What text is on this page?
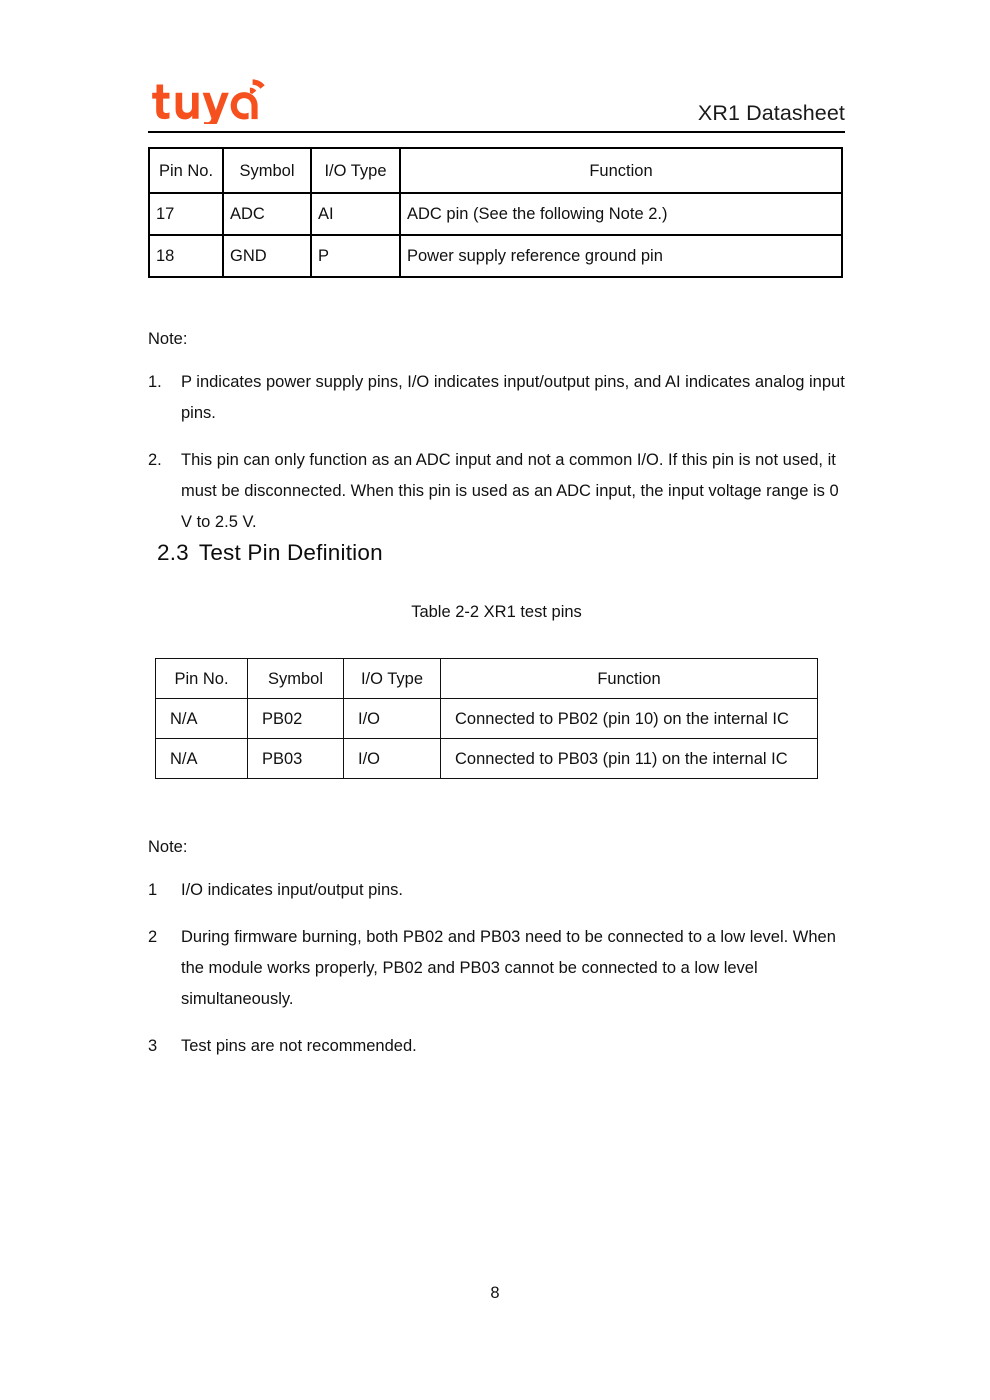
XR1 Datasheet
Pin No.	Symbol	I/O Type	Function
17	ADC	AI	ADC pin (See the following Note 2.)
18	GND	P	Power supply reference ground pin
Note:
1.	P indicates power supply pins, I/O indicates input/output pins, and AI indicates analog input pins.
2.	This pin can only function as an ADC input and not a common I/O. If this pin is not used, it must be disconnected. When this pin is used as an ADC input, the input voltage range is 0 V to 2.5 V.
2.3 Test Pin Definition
Table 2-2 XR1 test pins
Pin No.	Symbol	I/O Type	Function
N/A	PB02	I/O	Connected to PB02 (pin 10) on the internal IC
N/A	PB03	I/O	Connected to PB03 (pin 11) on the internal IC
Note:
1	I/O indicates input/output pins.
2	During firmware burning, both PB02 and PB03 need to be connected to a low level. When the module works properly, PB02 and PB03 cannot be connected to a low level simultaneously.
3	Test pins are not recommended.
8
